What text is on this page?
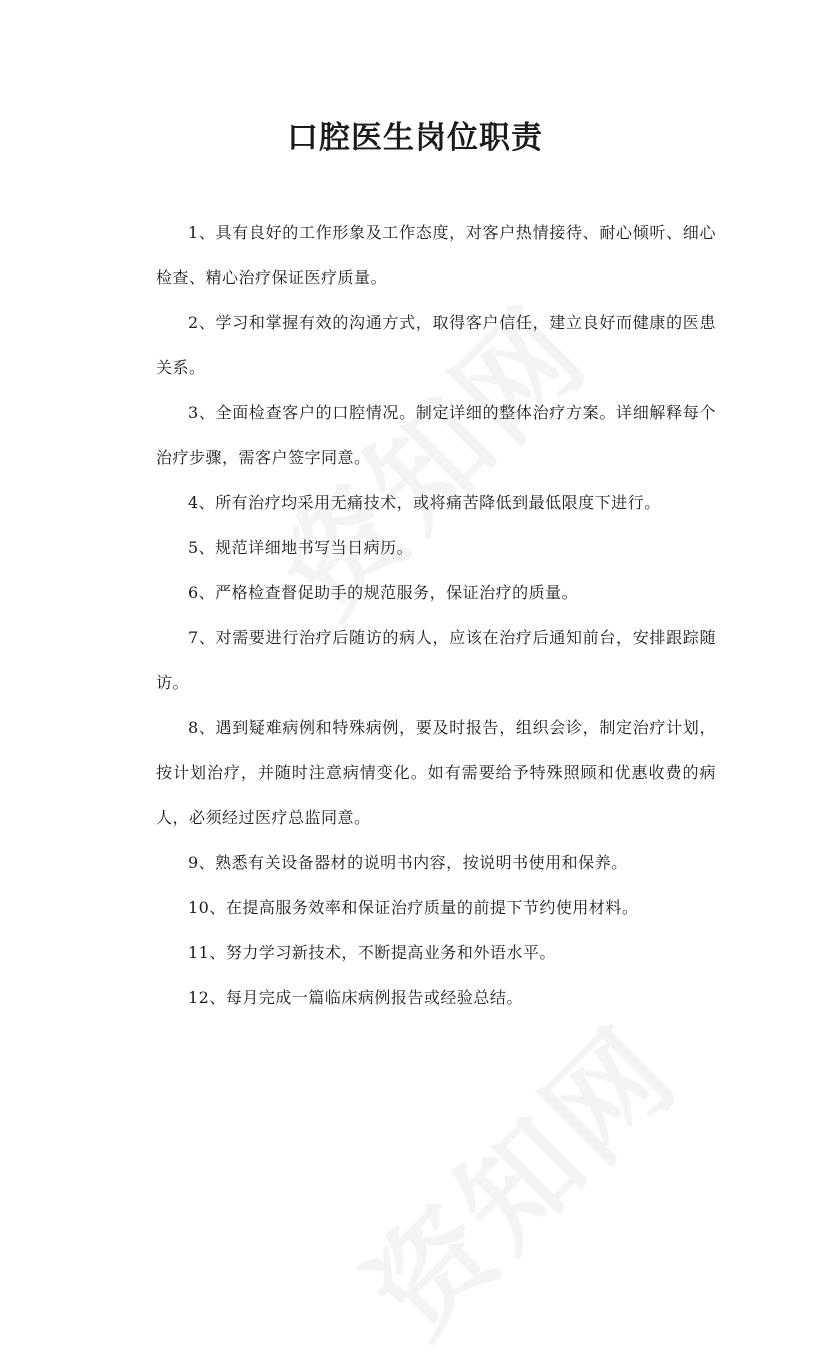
口腔医生岗位职责

1、具有良好的工作形象及工作态度，对客户热情接待、耐心倾听、细心检查、精心治疗保证医疗质量。

2、学习和掌握有效的沟通方式，取得客户信任，建立良好而健康的医患关系。

3、全面检查客户的口腔情况。制定详细的整体治疗方案。详细解释每个治疗步骤，需客户签字同意。

4、所有治疗均采用无痛技术，或将痛苦降低到最低限度下进行。

5、规范详细地书写当日病历。

6、严格检查督促助手的规范服务，保证治疗的质量。

7、对需要进行治疗后随访的病人，应该在治疗后通知前台，安排跟踪随访。

8、遇到疑难病例和特殊病例，要及时报告，组织会诊，制定治疗计划，按计划治疗，并随时注意病情变化。如有需要给予特殊照顾和优惠收费的病人，必须经过医疗总监同意。

9、熟悉有关设备器材的说明书内容，按说明书使用和保养。

10、在提高服务效率和保证治疗质量的前提下节约使用材料。

11、努力学习新技术，不断提高业务和外语水平。

12、每月完成一篇临床病例报告或经验总结。
